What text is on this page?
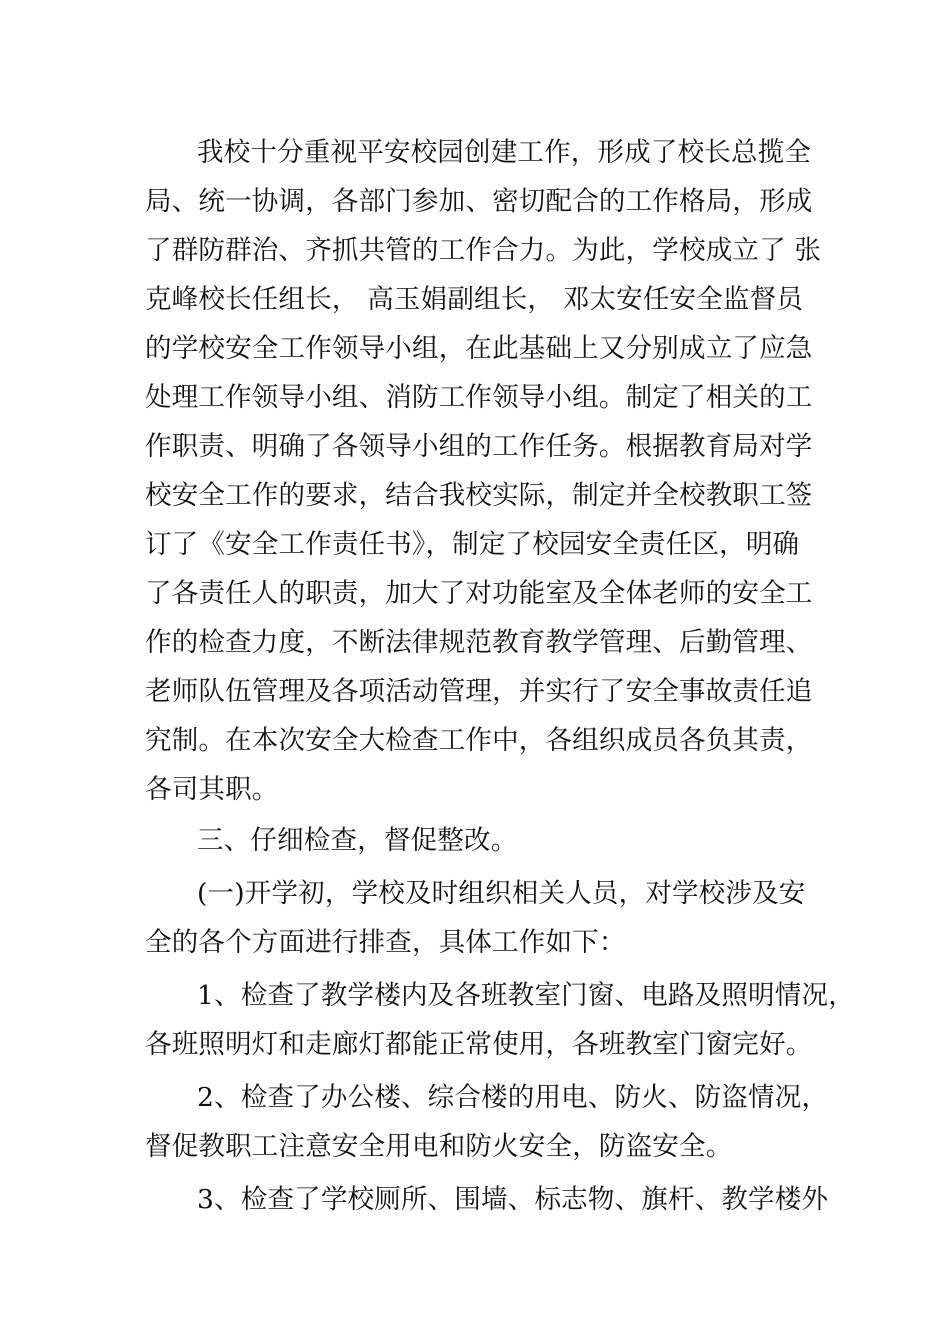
我校十分重视平安校园创建工作，形成了校长总揽全
局、统一协调，各部门参加、密切配合的工作格局，形成
了群防群治、齐抓共管的工作合力。为此，学校成立了 张
克峰校长任组长， 高玉娟副组长， 邓太安任安全监督员
的学校安全工作领导小组，在此基础上又分别成立了应急
处理工作领导小组、消防工作领导小组。制定了相关的工
作职责、明确了各领导小组的工作任务。根据教育局对学
校安全工作的要求，结合我校实际，制定并全校教职工签
订了《安全工作责任书》，制定了校园安全责任区，明确
了各责任人的职责，加大了对功能室及全体老师的安全工
作的检查力度，不断法律规范教育教学管理、后勤管理、
老师队伍管理及各项活动管理，并实行了安全事故责任追
究制。在本次安全大检查工作中，各组织成员各负其责，
各司其职。
三、仔细检查，督促整改。
(一)开学初，学校及时组织相关人员，对学校涉及安
全的各个方面进行排查，具体工作如下：
1、检查了教学楼内及各班教室门窗、电路及照明情况，
各班照明灯和走廊灯都能正常使用，各班教室门窗完好。
2、检查了办公楼、综合楼的用电、防火、防盗情况，
督促教职工注意安全用电和防火安全，防盗安全。
3、检查了学校厕所、围墙、标志物、旗杆、教学楼外
